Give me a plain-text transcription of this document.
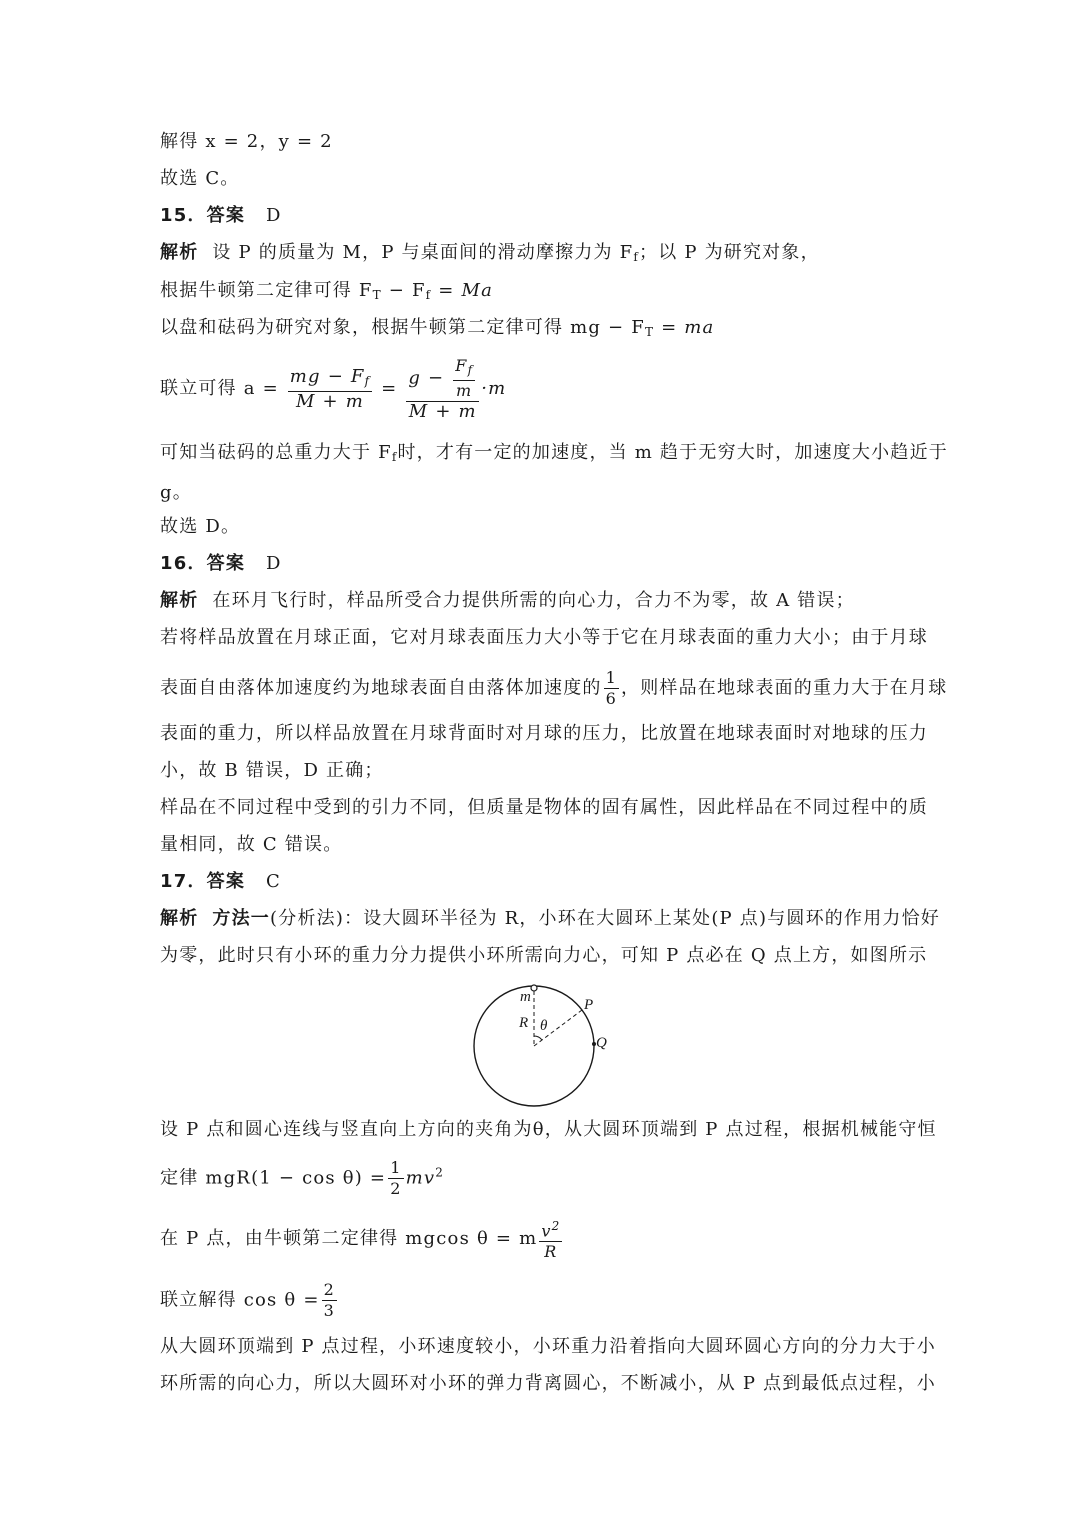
解得 x = 2，y = 2
故选 C。
15．答案 D
解析 设 P 的质量为 M，P 与桌面间的滑动摩擦力为 $F_f$；以 P 为研究对象，
根据牛顿第二定律可得 $F_T - F_f = Ma$
以盘和砝码为研究对象，根据牛顿第二定律可得 mg − $F_T$ = ma
联立可得 $a = \frac{mg - F_f}{M + m} = \frac{g - \frac{F_f}{m}}{M + m} \cdot m$
可知当砝码的总重力大于 $F_f$时，才有一定的加速度，当 m 趋于无穷大时，加速度大小趋近于
g。
故选 D。
16．答案 D
解析 在环月飞行时，样品所受合力提供所需的向心力，合力不为零，故 A 错误；
若将样品放置在月球正面，它对月球表面压力大小等于它在月球表面的重力大小；由于月球
表面自由落体加速度约为地球表面自由落体加速度的 $\frac{1}{6}$ ，则样品在地球表面的重力大于在月球
表面的重力，所以样品放置在月球背面时对月球的压力，比放置在地球表面时对地球的压力
小，故 B 错误，D 正确；
样品在不同过程中受到的引力不同，但质量是物体的固有属性，因此样品在不同过程中的质
量相同，故 C 错误。
17．答案 C
解析 方法一(分析法)：设大圆环半径为 R，小环在大圆环上某处(P 点)与圆环的作用力恰好
为零，此时只有小环的重力分力提供小环所需向力心，可知 P 点必在 Q 点上方，如图所示
m	P
R θ
Q
设 P 点和圆心连线与竖直向上方向的夹角为θ，从大圆环顶端到 P 点过程，根据机械能守恒
定律 $mgR(1 - \cos \theta) = \frac{1}{2} mv^2$
在 P 点，由牛顿第二定律得 mgcos θ = m $\frac{v^2}{R}$
联立解得 $\cos \theta = \frac{2}{3}$
从大圆环顶端到 P 点过程，小环速度较小，小环重力沿着指向大圆环圆心方向的分力大于小
环所需的向心力，所以大圆环对小环的弹力背离圆心，不断减小，从 P 点到最低点过程，小
